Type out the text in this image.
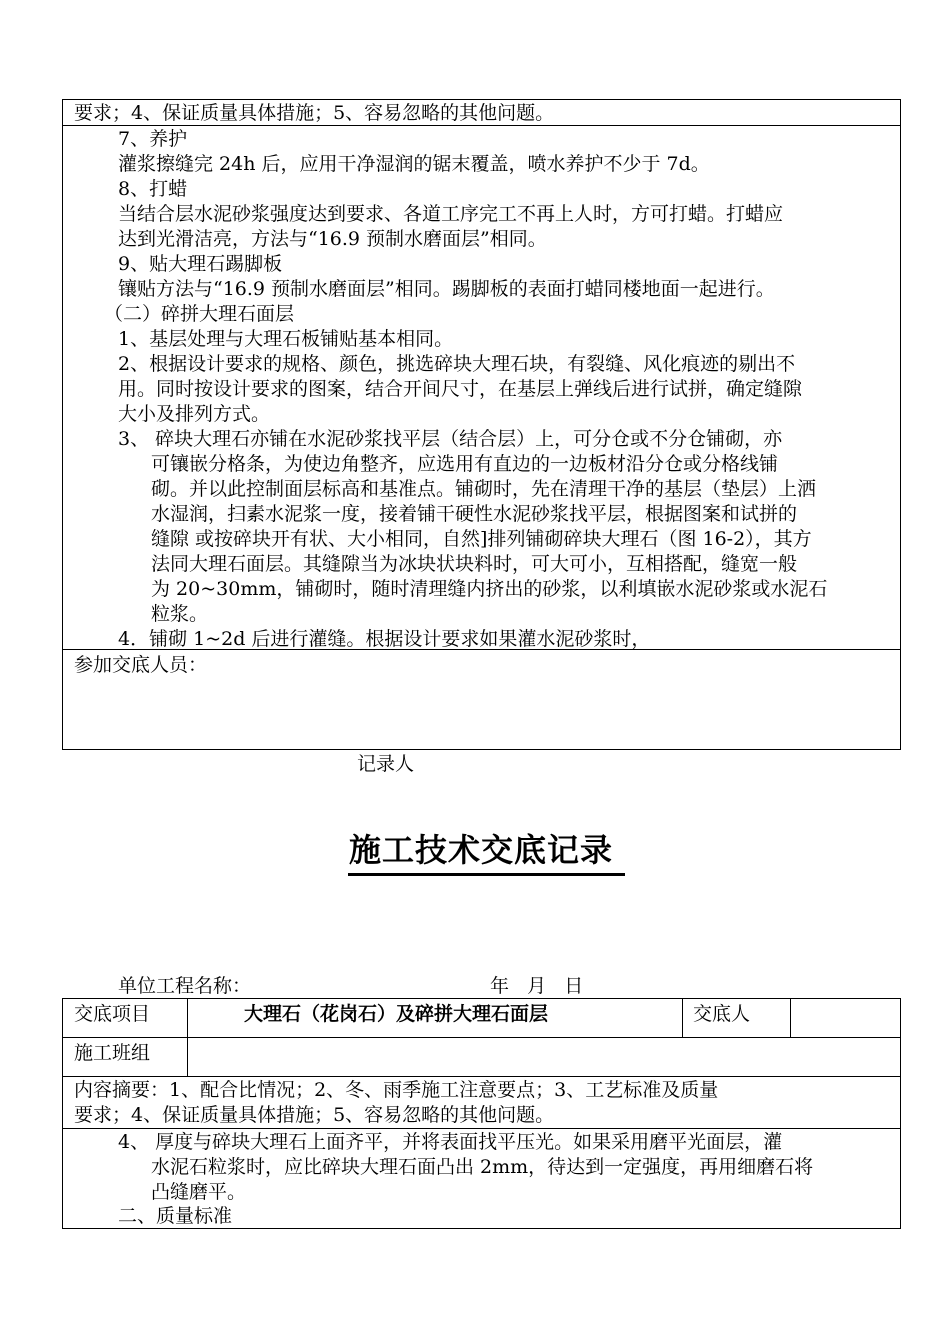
要求；4、保证质量具体措施；5、容易忽略的其他问题。
7、养护
灌浆擦缝完 24h 后，应用干净湿润的锯末覆盖，喷水养护不少于 7d。
8、打蜡
当结合层水泥砂浆强度达到要求、各道工序完工不再上人时，方可打蜡。打蜡应
达到光滑洁亮，方法与“16.9 预制水磨面层”相同。
9、贴大理石踢脚板
镶贴方法与“16.9 预制水磨面层”相同。踢脚板的表面打蜡同楼地面一起进行。
（二）碎拼大理石面层
1、基层处理与大理石板铺贴基本相同。
2、根据设计要求的规格、颜色，挑选碎块大理石块，有裂缝、风化痕迹的剔出不
用。同时按设计要求的图案，结合开间尺寸，在基层上弹线后进行试拼，确定缝隙
大小及排列方式。
3、 碎块大理石亦铺在水泥砂浆找平层（结合层）上，可分仓或不分仓铺砌，亦
可镶嵌分格条，为使边角整齐，应选用有直边的一边板材沿分仓或分格线铺
砌。并以此控制面层标高和基准点。铺砌时，先在清理干净的基层（垫层）上洒
水湿润，扫素水泥浆一度，接着铺干硬性水泥砂浆找平层，根据图案和试拼的
缝隙 或按碎块开有状、大小相同，自然]排列铺砌碎块大理石（图 16-2），其方
法同大理石面层。其缝隙当为冰块状块料时，可大可小，互相搭配，缝宽一般
为 20~30mm，铺砌时，随时清理缝内挤出的砂浆，以利填嵌水泥砂浆或水泥石
粒浆。
4．铺砌 1~2d 后进行灌缝。根据设计要求如果灌水泥砂浆时，
参加交底人员：
记录人
施工技术交底记录
单位工程名称：	年   月   日
交底项目	大理石（花岗石）及碎拼大理石面层	交底人
施工班组
内容摘要：1、配合比情况；2、冬、雨季施工注意要点；3、工艺标准及质量
要求；4、保证质量具体措施；5、容易忽略的其他问题。
4、 厚度与碎块大理石上面齐平，并将表面找平压光。如果采用磨平光面层，灌
水泥石粒浆时，应比碎块大理石面凸出 2mm，待达到一定强度，再用细磨石将
凸缝磨平。
二、质量标准
